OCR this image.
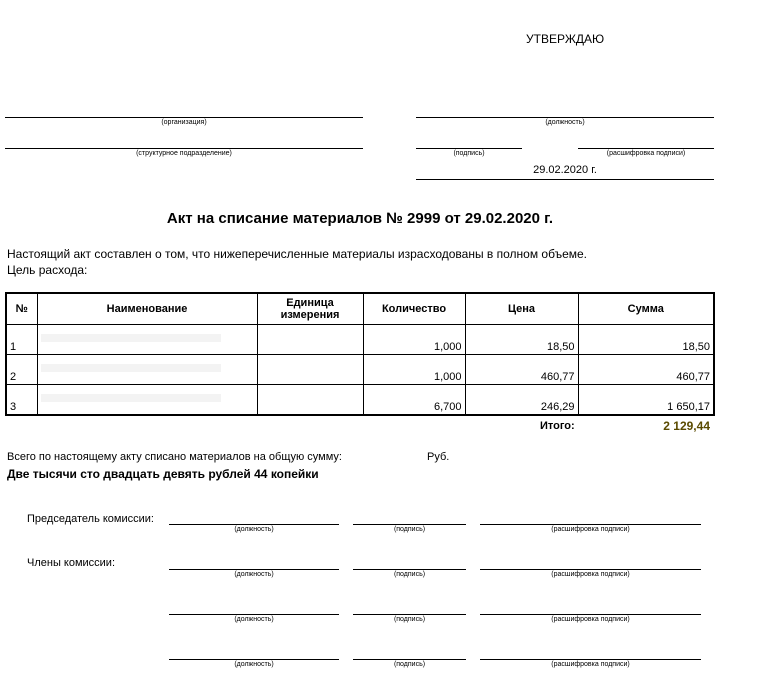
УТВЕРЖДАЮ
(организация)
(структурное подразделение)
(должность)
(подпись)	(расшифровка подписи)
29.02.2020 г.
Акт на списание материалов № 2999 от 29.02.2020 г.
Настоящий акт составлен о том, что нижеперечисленные материалы израсходованы в полном объеме.
Цель расхода:
№	Наименование	Единица измерения	Количество	Цена	Сумма
1			1,000	18,50	18,50
2			1,000	460,77	460,77
3			6,700	246,29	1 650,17
Итого:	2 129,44
Всего по настоящему акту списано материалов на общую сумму:	Руб.
Две тысячи сто двадцать девять рублей 44 копейки
Председатель комиссии:
Члены комиссии:
(должность)	(подпись)	(расшифровка подписи)
(должность)	(подпись)	(расшифровка подписи)
(должность)	(подпись)	(расшифровка подписи)
(должность)	(подпись)	(расшифровка подписи)
